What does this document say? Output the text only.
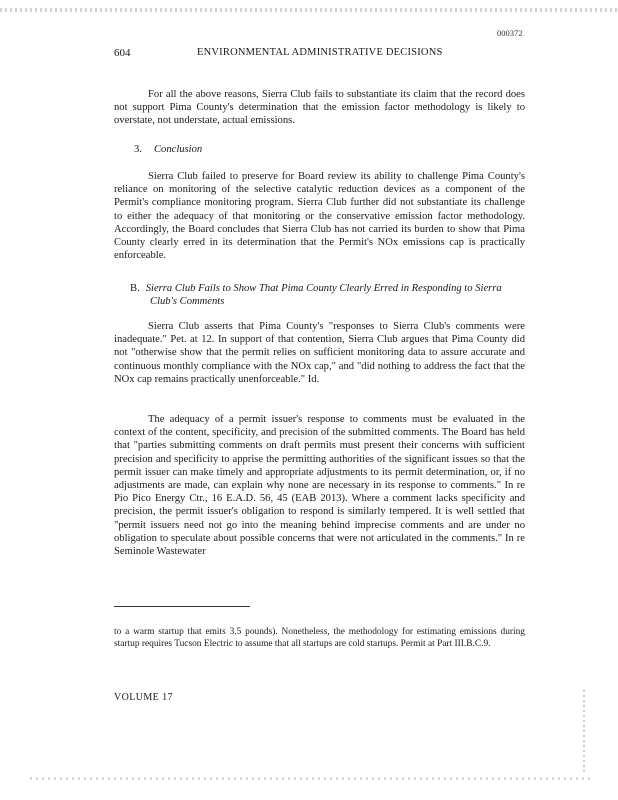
000372
604	ENVIRONMENTAL ADMINISTRATIVE DECISIONS

For all the above reasons, Sierra Club fails to substantiate its claim that the record does not support Pima County's determination that the emission factor methodology is likely to overstate, not understate, actual emissions.

3. Conclusion

Sierra Club failed to preserve for Board review its ability to challenge Pima County's reliance on monitoring of the selective catalytic reduction devices as a component of the Permit's compliance monitoring program. Sierra Club further did not substantiate its challenge to either the adequacy of that monitoring or the conservative emission factor methodology. Accordingly, the Board concludes that Sierra Club has not carried its burden to show that Pima County clearly erred in its determination that the Permit's NOx emissions cap is practically enforceable.

B. Sierra Club Fails to Show That Pima County Clearly Erred in Responding to Sierra
Club's Comments

Sierra Club asserts that Pima County's "responses to Sierra Club's comments were inadequate." Pet. at 12. In support of that contention, Sierra Club argues that Pima County did not "otherwise show that the permit relies on sufficient monitoring data to assure accurate and continuous monthly compliance with the NOx cap," and "did nothing to address the fact that the NOx cap remains practically unenforceable." Id.

The adequacy of a permit issuer's response to comments must be evaluated in the context of the content, specificity, and precision of the submitted comments. The Board has held that "parties submitting comments on draft permits must present their concerns with sufficient precision and specificity to apprise the permitting authorities of the significant issues so that the permit issuer can make timely and appropriate adjustments to its permit determination, or, if no adjustments are made, can explain why none are necessary in its response to comments." In re Pio Pico Energy Ctr., 16 E.A.D. 56, 45 (EAB 2013). Where a comment lacks specificity and precision, the permit issuer's obligation to respond is similarly tempered. It is well settled that "permit issuers need not go into the meaning behind imprecise comments and are under no obligation to speculate about possible concerns that were not articulated in the comments." In re Seminole Wastewater

to a warm startup that emits 3.5 pounds). Nonetheless, the methodology for estimating emissions during startup requires Tucson Electric to assume that all startups are cold startups. Permit at Part III.B.C.9.

VOLUME 17
